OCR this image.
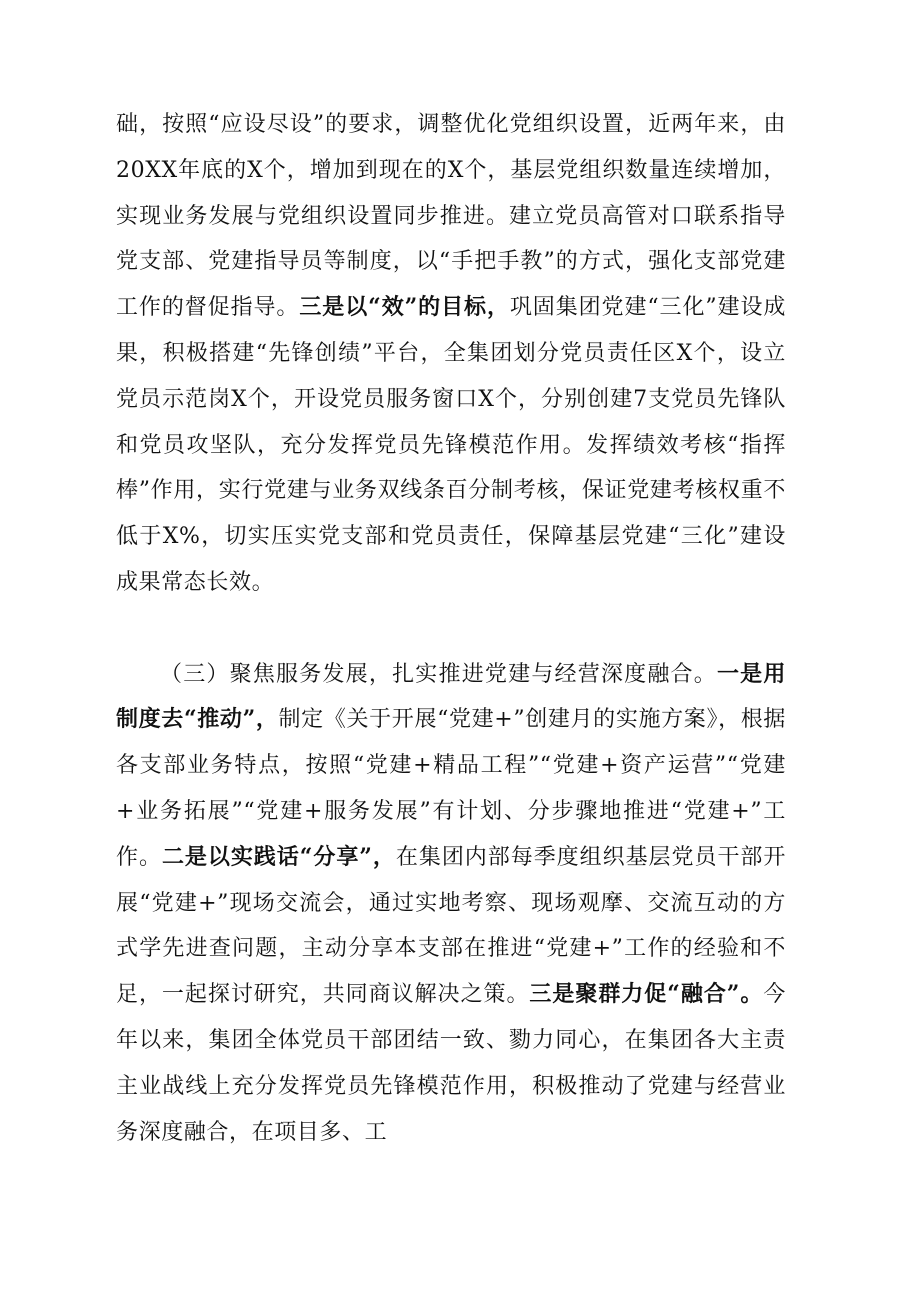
础，按照“应设尽设”的要求，调整优化党组织设置，近两年来，由20XX年底的X个，增加到现在的X个，基层党组织数量连续增加，实现业务发展与党组织设置同步推进。建立党员高管对口联系指导党支部、党建指导员等制度，以“手把手教”的方式，强化支部党建工作的督促指导。三是以“效”的目标，巩固集团党建“三化”建设成果，积极搭建“先锋创绩”平台，全集团划分党员责任区X个，设立党员示范岗X个，开设党员服务窗口X个，分别创建7支党员先锋队和党员攻坚队，充分发挥党员先锋模范作用。发挥绩效考核“指挥棒”作用，实行党建与业务双线条百分制考核，保证党建考核权重不低于X%，切实压实党支部和党员责任，保障基层党建“三化”建设成果常态长效。

（三）聚焦服务发展，扎实推进党建与经营深度融合。一是用制度去“推动”，制定《关于开展“党建+”创建月的实施方案》，根据各支部业务特点，按照“党建+精品工程”“党建+资产运营”“党建+业务拓展”“党建+服务发展”有计划、分步骤地推进“党建+”工作。二是以实践话“分享”，在集团内部每季度组织基层党员干部开展“党建+”现场交流会，通过实地考察、现场观摩、交流互动的方式学先进查问题，主动分享本支部在推进“党建+”工作的经验和不足，一起探讨研究，共同商议解决之策。三是聚群力促“融合”。今年以来，集团全体党员干部团结一致、勠力同心，在集团各大主责主业战线上充分发挥党员先锋模范作用，积极推动了党建与经营业务深度融合，在项目多、工
